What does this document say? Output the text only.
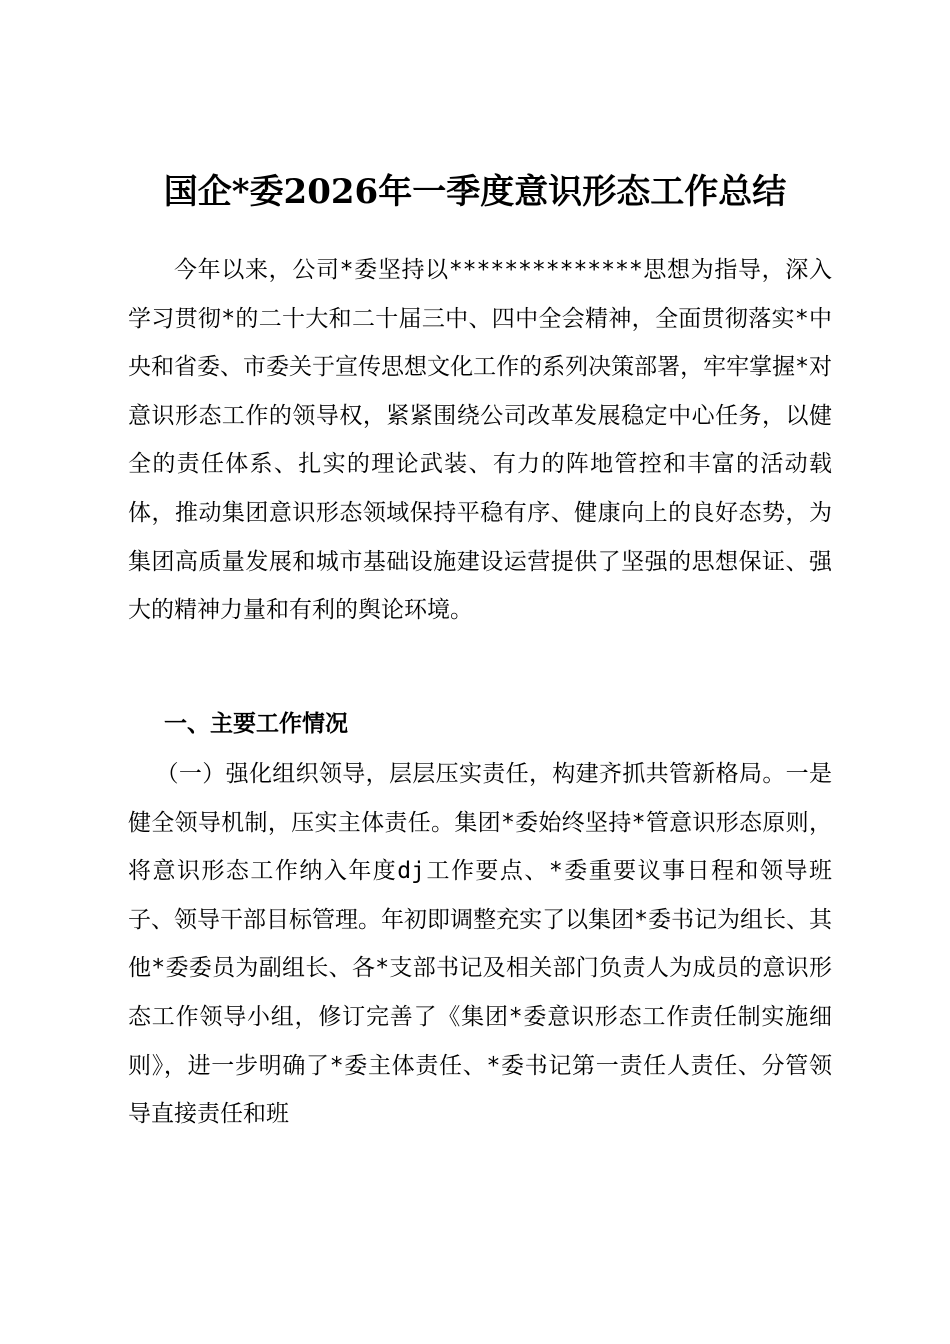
国企*委2026年一季度意识形态工作总结

今年以来，公司*委坚持以**************思想为指导，深入学习贯彻*的二十大和二十届三中、四中全会精神，全面贯彻落实*中央和省委、市委关于宣传思想文化工作的系列决策部署，牢牢掌握*对意识形态工作的领导权，紧紧围绕公司改革发展稳定中心任务，以健全的责任体系、扎实的理论武装、有力的阵地管控和丰富的活动载体，推动集团意识形态领域保持平稳有序、健康向上的良好态势，为集团高质量发展和城市基础设施建设运营提供了坚强的思想保证、强大的精神力量和有利的舆论环境。

一、主要工作情况

（一）强化组织领导，层层压实责任，构建齐抓共管新格局。一是健全领导机制，压实主体责任。集团*委始终坚持*管意识形态原则，将意识形态工作纳入年度dj工作要点、*委重要议事日程和领导班子、领导干部目标管理。年初即调整充实了以集团*委书记为组长、其他*委委员为副组长、各*支部书记及相关部门负责人为成员的意识形态工作领导小组，修订完善了《集团*委意识形态工作责任制实施细则》，进一步明确了*委主体责任、*委书记第一责任人责任、分管领导直接责任和班
